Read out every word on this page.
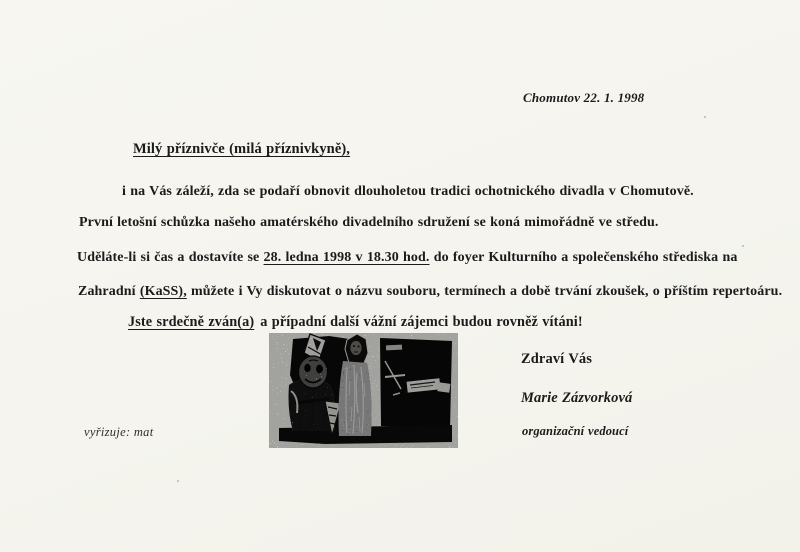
Chomutov 22. 1. 1998
Milý příznivče (milá příznivkyně),
i na Vás záleží, zda se podaří obnovit dlouholetou tradici ochotnického divadla v Chomutově.
První letošní schůzka našeho amatérského divadelního sdružení se koná mimořádně ve středu.
Uděláte-li si čas a dostavíte se 28. ledna 1998 v 18.30 hod. do foyer Kulturního a společenského střediska na
Zahradní (KaSS), můžete i Vy diskutovat o názvu souboru, termínech a době trvání zkoušek, o příštím repertoáru.
Jste srdečně zván(a) a případní další vážní zájemci budou rovněž vítáni!
Zdraví Vás
Marie Zázvorková
organizační vedoucí
vyřizuje: mat
